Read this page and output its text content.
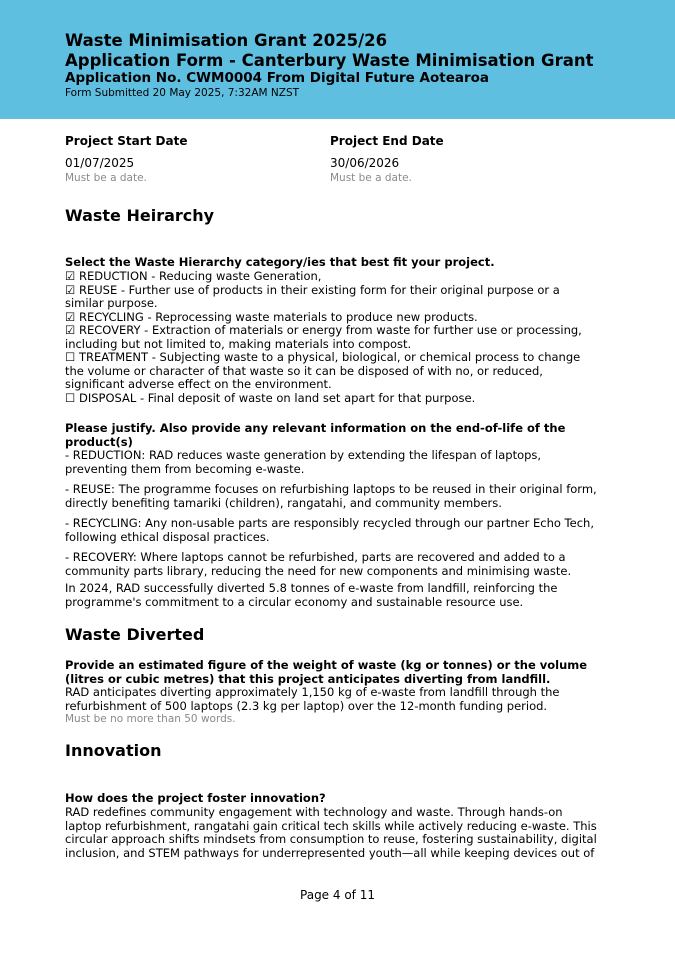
Waste Minimisation Grant 2025/26
Application Form - Canterbury Waste Minimisation Grant
Application No. CWM0004 From Digital Future Aotearoa
Form Submitted 20 May 2025, 7:32AM NZST
Project Start Date
01/07/2025
Must be a date.
Project End Date
30/06/2026
Must be a date.
Waste Heirarchy
Select the Waste Hierarchy category/ies that best fit your project.
☑ REDUCTION - Reducing waste Generation,
☑ REUSE - Further use of products in their existing form for their original purpose or a
similar purpose.
☑ RECYCLING - Reprocessing waste materials to produce new products.
☑ RECOVERY - Extraction of materials or energy from waste for further use or processing,
including but not limited to, making materials into compost.
☐ TREATMENT - Subjecting waste to a physical, biological, or chemical process to change
the volume or character of that waste so it can be disposed of with no, or reduced,
significant adverse effect on the environment.
☐ DISPOSAL - Final deposit of waste on land set apart for that purpose.
Please justify. Also provide any relevant information on the end-of-life of the
product(s)
- REDUCTION: RAD reduces waste generation by extending the lifespan of laptops,
preventing them from becoming e-waste.
- REUSE: The programme focuses on refurbishing laptops to be reused in their original form,
directly benefiting tamariki (children), rangatahi, and community members.
- RECYCLING: Any non-usable parts are responsibly recycled through our partner Echo Tech,
following ethical disposal practices.
- RECOVERY: Where laptops cannot be refurbished, parts are recovered and added to a
community parts library, reducing the need for new components and minimising waste.
In 2024, RAD successfully diverted 5.8 tonnes of e-waste from landfill, reinforcing the
programme's commitment to a circular economy and sustainable resource use.
Waste Diverted
Provide an estimated figure of the weight of waste (kg or tonnes) or the volume
(litres or cubic metres) that this project anticipates diverting from landfill.
RAD anticipates diverting approximately 1,150 kg of e-waste from landfill through the
refurbishment of 500 laptops (2.3 kg per laptop) over the 12-month funding period.
Must be no more than 50 words.
Innovation
How does the project foster innovation?
RAD redefines community engagement with technology and waste. Through hands-on
laptop refurbishment, rangatahi gain critical tech skills while actively reducing e-waste. This
circular approach shifts mindsets from consumption to reuse, fostering sustainability, digital
inclusion, and STEM pathways for underrepresented youth—all while keeping devices out of
Page 4 of 11
